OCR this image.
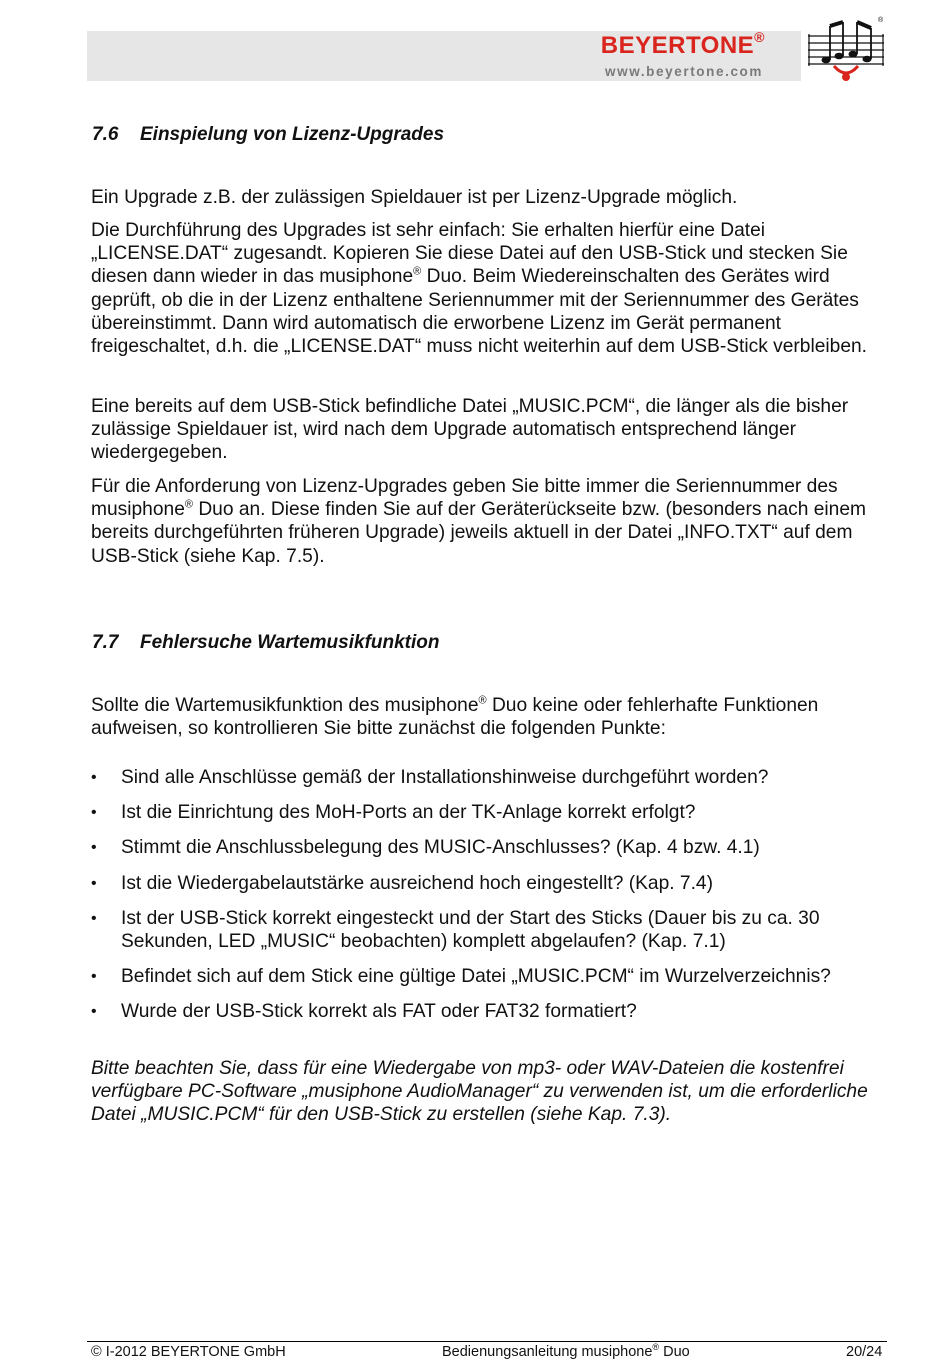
BEYERTONE®
www.beyertone.com
®
7.6 Einspielung von Lizenz-Upgrades

Ein Upgrade z.B. der zulässigen Spieldauer ist per Lizenz-Upgrade möglich.

Die Durchführung des Upgrades ist sehr einfach: Sie erhalten hierfür eine Datei „LICENSE.DAT“ zugesandt. Kopieren Sie diese Datei auf den USB-Stick und stecken Sie diesen dann wieder in das musiphone® Duo. Beim Wiedereinschalten des Gerätes wird geprüft, ob die in der Lizenz enthaltene Seriennummer mit der Seriennummer des Gerätes übereinstimmt. Dann wird automatisch die erworbene Lizenz im Gerät permanent freigeschaltet, d.h. die „LICENSE.DAT“ muss nicht weiterhin auf dem USB-Stick verbleiben.

Eine bereits auf dem USB-Stick befindliche Datei „MUSIC.PCM“, die länger als die bisher zulässige Spieldauer ist, wird nach dem Upgrade automatisch entsprechend länger wiedergegeben.

Für die Anforderung von Lizenz-Upgrades geben Sie bitte immer die Seriennummer des musiphone® Duo an. Diese finden Sie auf der Geräterückseite bzw. (besonders nach einem bereits durchgeführten früheren Upgrade) jeweils aktuell in der Datei „INFO.TXT“ auf dem USB-Stick (siehe Kap. 7.5).

7.7 Fehlersuche Wartemusikfunktion

Sollte die Wartemusikfunktion des musiphone® Duo keine oder fehlerhafte Funktionen aufweisen, so kontrollieren Sie bitte zunächst die folgenden Punkte:

• Sind alle Anschlüsse gemäß der Installationshinweise durchgeführt worden?
• Ist die Einrichtung des MoH-Ports an der TK-Anlage korrekt erfolgt?
• Stimmt die Anschlussbelegung des MUSIC-Anschlusses? (Kap. 4 bzw. 4.1)
• Ist die Wiedergabelautstärke ausreichend hoch eingestellt? (Kap. 7.4)
• Ist der USB-Stick korrekt eingesteckt und der Start des Sticks (Dauer bis zu ca. 30 Sekunden, LED „MUSIC“ beobachten) komplett abgelaufen? (Kap. 7.1)
• Befindet sich auf dem Stick eine gültige Datei „MUSIC.PCM“ im Wurzelverzeichnis?
• Wurde der USB-Stick korrekt als FAT oder FAT32 formatiert?

Bitte beachten Sie, dass für eine Wiedergabe von mp3- oder WAV-Dateien die kostenfrei verfügbare PC-Software „musiphone AudioManager“ zu verwenden ist, um die erforderliche Datei „MUSIC.PCM“ für den USB-Stick zu erstellen (siehe Kap. 7.3).

© I-2012 BEYERTONE GmbH	Bedienungsanleitung musiphone® Duo	20/24
